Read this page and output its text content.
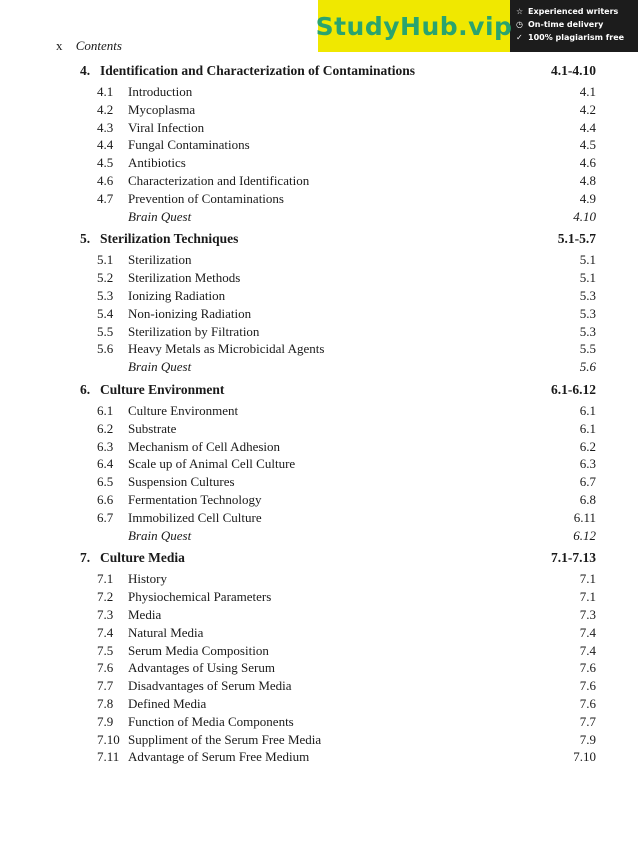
x Contents
StudyHub.vip ☆ Experienced writers
◷ On-time delivery
✓ 100% plagiarism free
4. Identification and Characterization of Contaminations	4.1-4.10
4.1	Introduction	4.1
4.2	Mycoplasma	4.2
4.3	Viral Infection	4.4
4.4	Fungal Contaminations	4.5
4.5	Antibiotics	4.6
4.6	Characterization and Identification	4.8
4.7	Prevention of Contaminations	4.9
Brain Quest	4.10
5. Sterilization Techniques	5.1-5.7
5.1	Sterilization	5.1
5.2	Sterilization Methods	5.1
5.3	Ionizing Radiation	5.3
5.4	Non-ionizing Radiation	5.3
5.5	Sterilization by Filtration	5.3
5.6	Heavy Metals as Microbicidal Agents	5.5
Brain Quest	5.6
6. Culture Environment	6.1-6.12
6.1	Culture Environment	6.1
6.2	Substrate	6.1
6.3	Mechanism of Cell Adhesion	6.2
6.4	Scale up of Animal Cell Culture	6.3
6.5	Suspension Cultures	6.7
6.6	Fermentation Technology	6.8
6.7	Immobilized Cell Culture	6.11
Brain Quest	6.12
7. Culture Media	7.1-7.13
7.1	History	7.1
7.2	Physiochemical Parameters	7.1
7.3	Media	7.3
7.4	Natural Media	7.4
7.5	Serum Media Composition	7.4
7.6	Advantages of Using Serum	7.6
7.7	Disadvantages of Serum Media	7.6
7.8	Defined Media	7.6
7.9	Function of Media Components	7.7
7.10 Suppliment of the Serum Free Media	7.9
7.11 Advantage of Serum Free Medium	7.10
